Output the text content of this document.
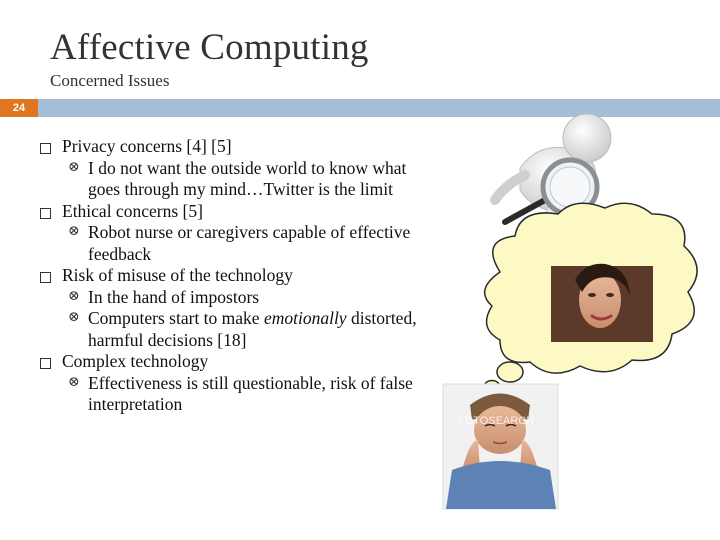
Affective Computing
Concerned Issues
24
Privacy concerns [4] [5]
⊗ I do not want the outside world to know what goes through my mind…Twitter is the limit
Ethical concerns [5]
⊗ Robot nurse or caregivers capable of effective feedback
Risk of misuse of the technology
⊗ In the hand of impostors
⊗ Computers start to make emotionally distorted, harmful decisions [18]
Complex technology
⊗ Effectiveness is still questionable, risk of false interpretation
FOTOSEARCH
